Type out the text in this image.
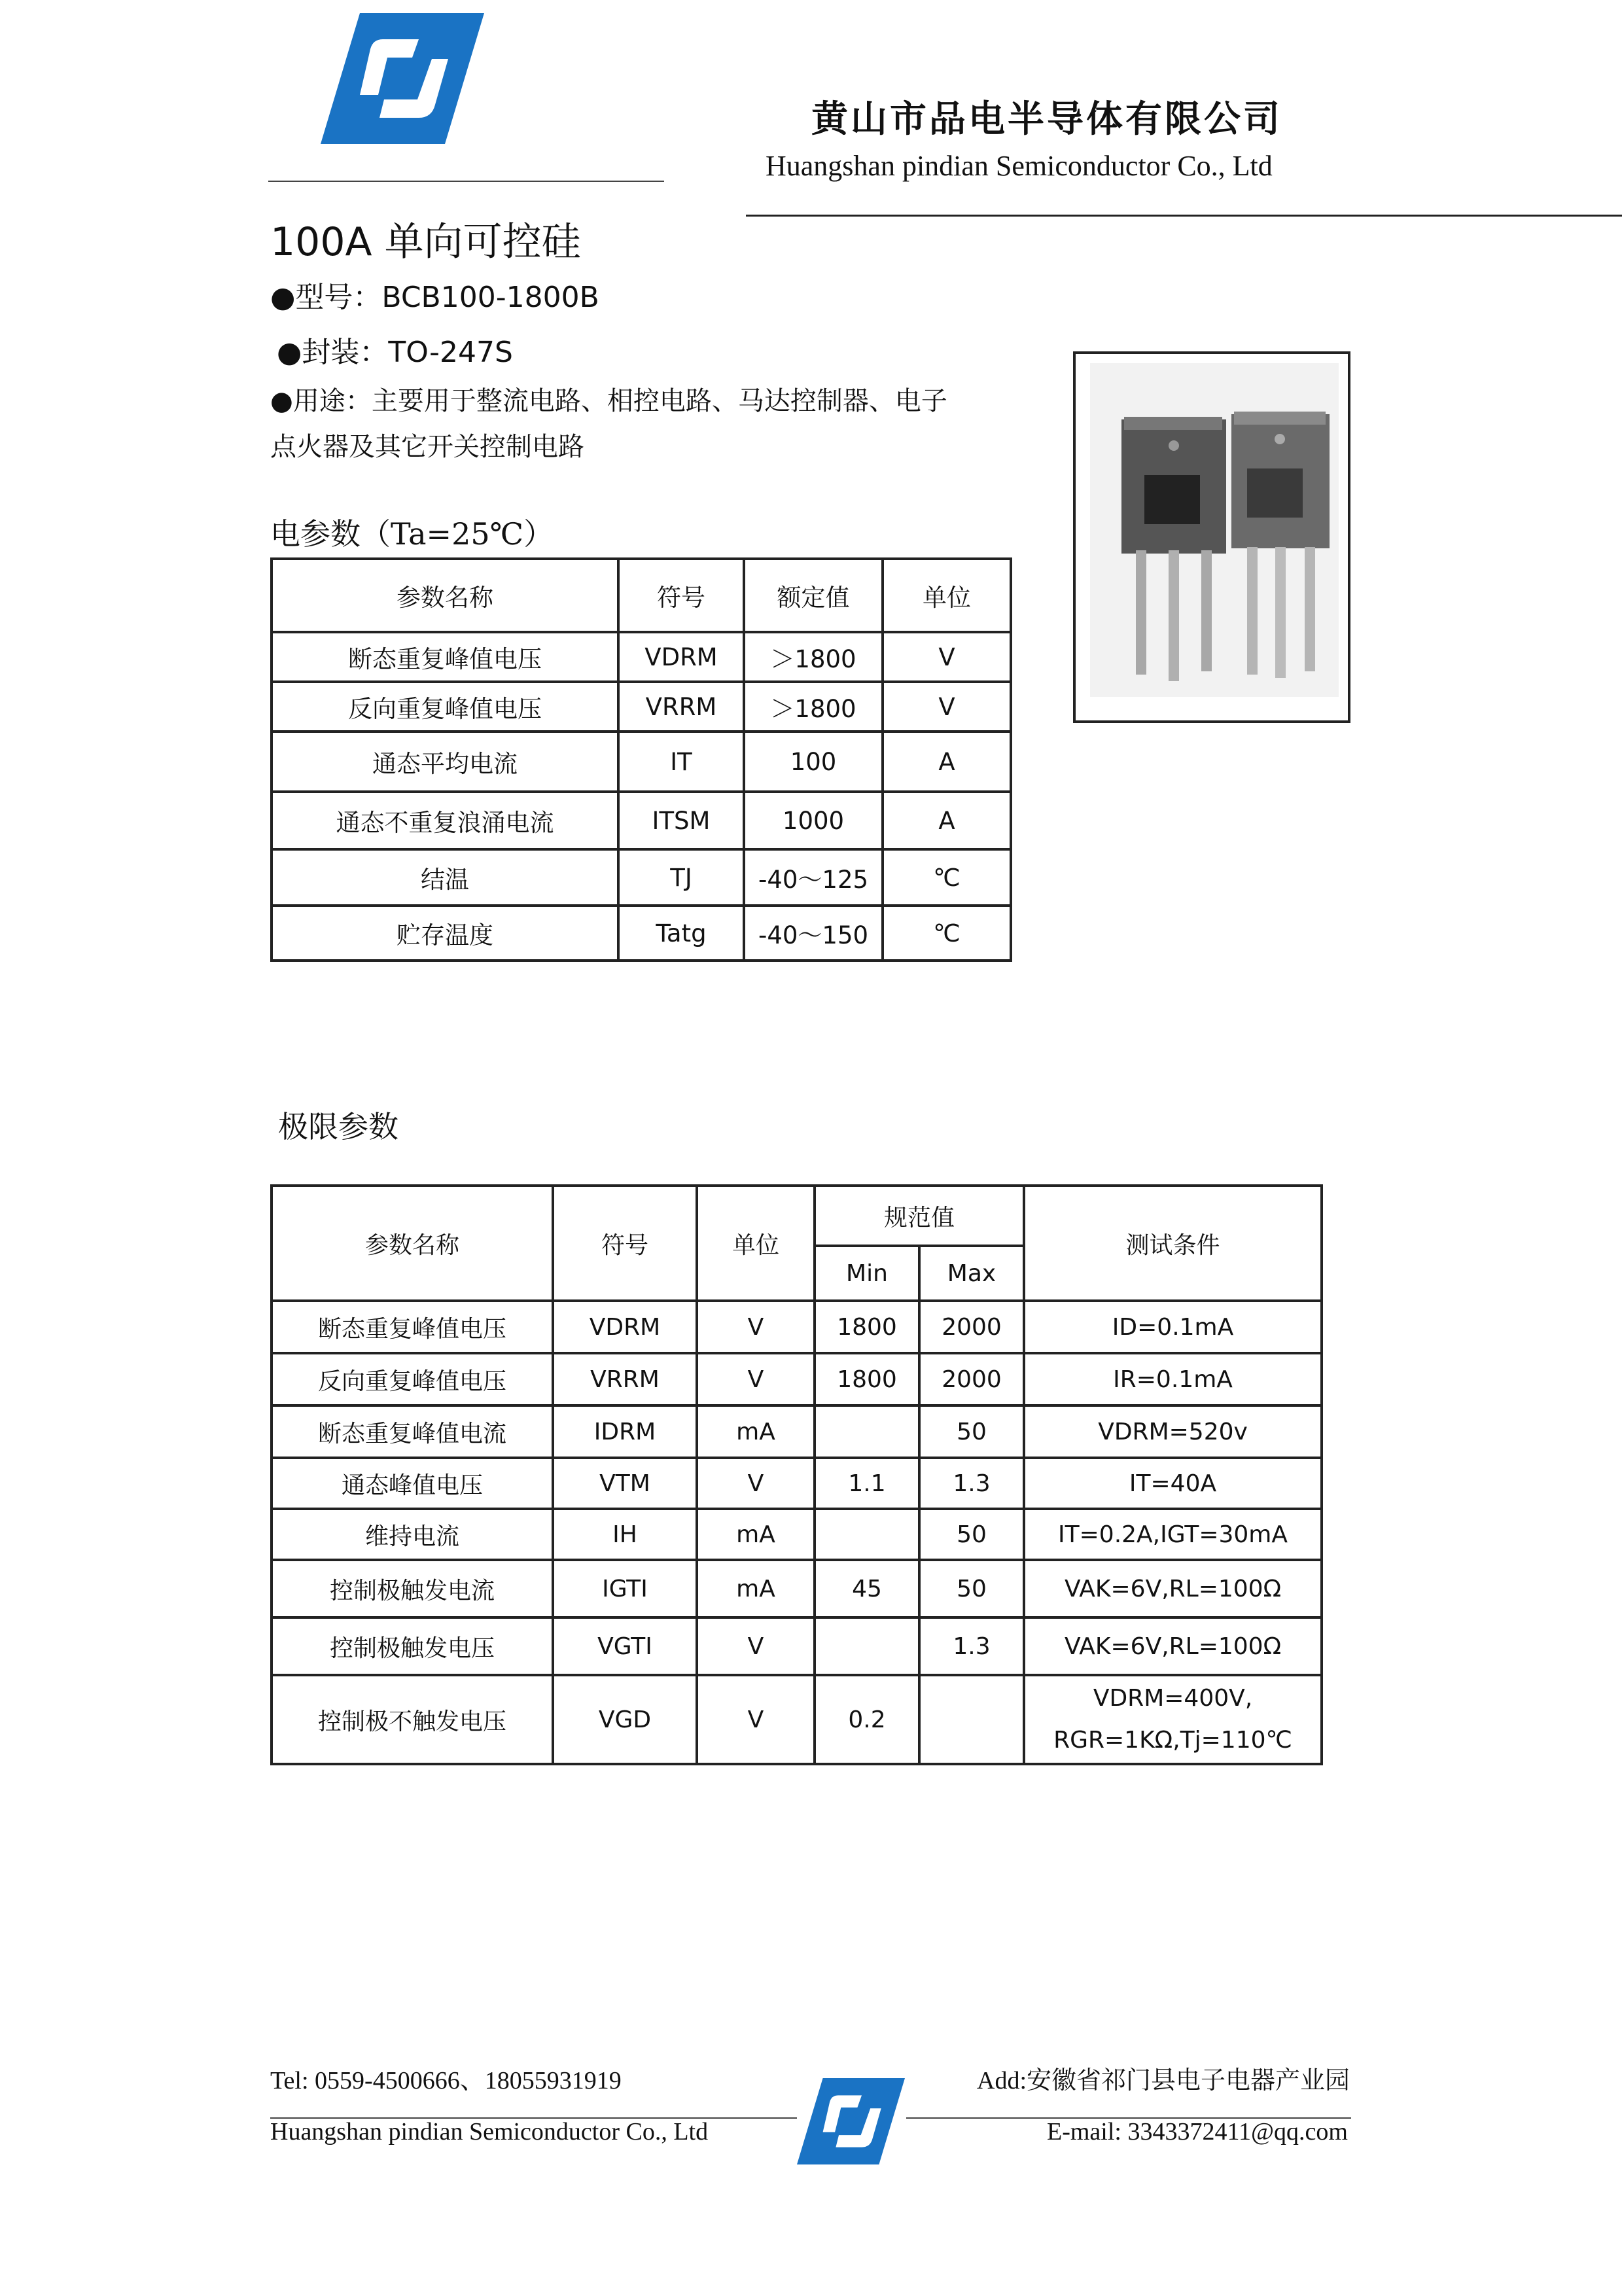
黄山市品电半导体有限公司
Huangshan pindian Semiconductor Co., Ltd
100A 单向可控硅
●型号：BCB100-1800B
●封装：TO-247S
●用途：主要用于整流电路、相控电路、马达控制器、电子
点火器及其它开关控制电路
电参数（Ta=25℃）
参数名称	符号	额定值	单位
断态重复峰值电压	VDRM	＞1800	V
反向重复峰值电压	VRRM	＞1800	V
通态平均电流	IT	100	A
通态不重复浪涌电流	ITSM	1000	A
结温	TJ	-40～125	℃
贮存温度	Tatg	-40～150	℃
极限参数
参数名称	符号	单位	规范值		测试条件
			Min	Max	
断态重复峰值电压	VDRM	V	1800	2000	ID=0.1mA
反向重复峰值电压	VRRM	V	1800	2000	IR=0.1mA
断态重复峰值电流	IDRM	mA		50	VDRM=520v
通态峰值电压	VTM	V	1.1	1.3	IT=40A
维持电流	IH	mA		50	IT=0.2A,IGT=30mA
控制极触发电流	IGTI	mA	45	50	VAK=6V,RL=100Ω
控制极触发电压	VGTI	V		1.3	VAK=6V,RL=100Ω
控制极不触发电压	VGD	V	0.2		VDRM=400V, RGR=1KΩ,Tj=110℃
Tel: 0559-4500666、18055931919	Add:安徽省祁门县电子电器产业园
Huangshan pindian Semiconductor Co., Ltd	E-mail: 3343372411@qq.com
